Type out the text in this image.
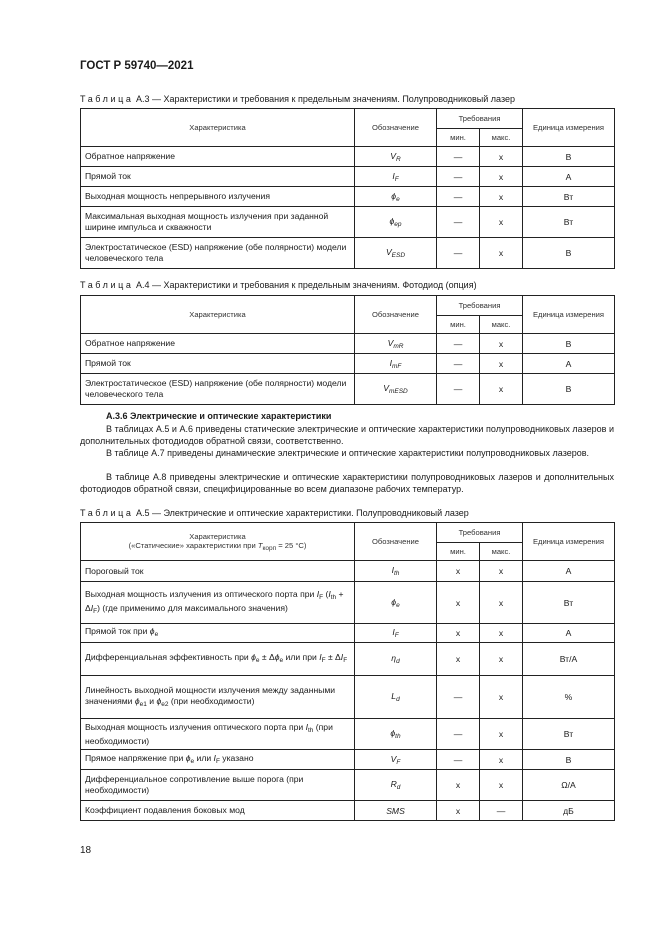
ГОСТ Р 59740—2021
Таблица А.3 — Характеристики и требования к предельным значениям. Полупроводниковый лазер
Характеристика	Обозначение	Требования		Единица измерения
		мин.	макс.	
Обратное напряжение	$V_R$	—	х	В
Прямой ток	$I_F$	—	х	А
Выходная мощность непрерывного излучения	$\phi_e$	—	х	Вт
Максимальная выходная мощность излучения при заданной ширине импульса и скважности	$\phi_{ep}$	—	х	Вт
Электростатическое (ESD) напряжение (обе полярности) модели человеческого тела	$V_{ESD}$	—	х	В
Таблица А.4 — Характеристики и требования к предельным значениям. Фотодиод (опция)
Характеристика	Обозначение	Требования		Единица измерения
		мин.	макс.	
Обратное напряжение	$V_{mR}$	—	х	В
Прямой ток	$I_{mF}$	—	х	А
Электростатическое (ESD) напряжение (обе полярности) модели человеческого тела	$V_{mESD}$	—	х	В
А.3.6 Электрические и оптические характеристики
В таблицах А.5 и А.6 приведены статические электрические и оптические характеристики полупроводниковых лазеров и дополнительных фотодиодов обратной связи, соответственно.
В таблице А.7 приведены динамические электрические и оптические характеристики полупроводниковых лазеров.
В таблице А.8 приведены электрические и оптические характеристики полупроводниковых лазеров и дополнительных фотодиодов обратной связи, специфицированные во всем диапазоне рабочих температур.
Таблица А.5 — Электрические и оптические характеристики. Полупроводниковый лазер
Характеристика
(«Статические» характеристики при Tкорп = 25 °C)	Обозначение	Требования		Единица измерения
		мин.	макс.	
Пороговый ток	$I_{th}$	х	х	А
Выходная мощность излучения из оптического порта при $I_F$ $(I_{th} + \Delta I_F)$ (где применимо для максимального значения)	$\phi_e$	х	х	Вт
Прямой ток при $\phi_e$	$I_F$	х	х	А
Дифференциальная эффективность при $\phi_e \pm \Delta\phi_e$ или при $I_F \pm \Delta I_F$	$\eta_d$	х	х	Вт/А
Линейность выходной мощности излучения между заданными значениями $\phi_{e1}$ и $\phi_{e2}$ (при необходимости)	$L_d$	—	х	%
Выходная мощность излучения оптического порта при $I_{th}$ (при необходимости)	$\phi_{th}$	—	х	Вт
Прямое напряжение при $\phi_e$ или $I_F$ указано	$V_F$	—	х	В
Дифференциальное сопротивление выше порога (при необходимости)	$R_d$	х	х	Ω/А
Коэффициент подавления боковых мод	SMS	х	—	дБ
18
